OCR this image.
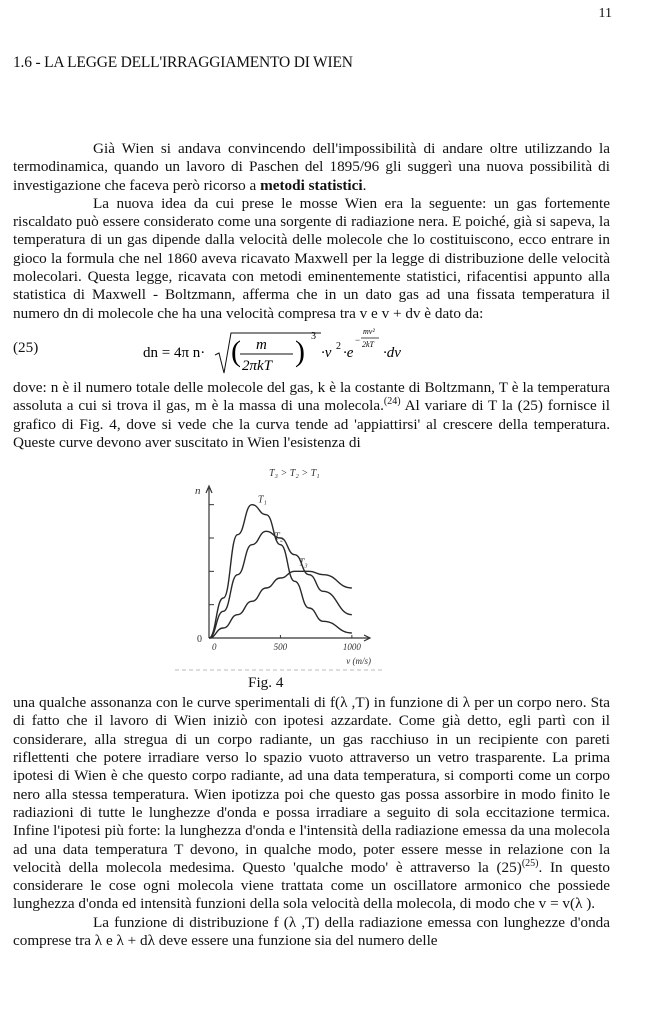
11
1.6 - LA LEGGE DELL'IRRAGGIAMENTO DI WIEN

Già Wien si andava convincendo dell'impossibilità di andare oltre utilizzando la termodinamica, quando un lavoro di Paschen del 1895/96 gli suggerì una nuova possibilità di investigazione che faceva però ricorso a metodi statistici.

La nuova idea da cui prese le mosse Wien era la seguente: un gas fortemente riscaldato può essere considerato come una sorgente di radiazione nera. E poiché, già si sapeva, la temperatura di un gas dipende dalla velocità delle molecole che lo costituiscono, ecco entrare in gioco la formula che nel 1860 aveva ricavato Maxwell per la legge di distribuzione delle velocità molecolari. Questa legge, ricavata con metodi eminentemente statistici, rifacentisi appunto alla statistica di Maxwell - Boltzmann, afferma che in un dato gas ad una fissata temperatura il numero dn di molecole che ha una velocità compresa tra v e v + dv è dato da:

(25)	dn = 4π n· ( m
2πkT ) 3
·v 2 ·e
−
mv²
2kT
·dv

dove: n è il numero totale delle molecole del gas, k è la costante di Boltzmann, T è la temperatura assoluta a cui si trova il gas, m è la massa di una molecola.$^{(24)}$ Al variare di T la (25) fornisce il grafico di Fig. 4, dove si vede che la curva tende ad 'appiattirsi' al crescere della temperatura. Queste curve devono aver suscitato in Wien l'esistenza di

0
0	500	1000
n
v (m/s)
T₃ > T₂ > T₁
T₁
T₂
T₃
Fig. 4

una qualche assonanza con le curve sperimentali di f(λ ,T) in funzione di λ per un corpo nero. Sta di fatto che il lavoro di Wien iniziò con ipotesi azzardate. Come già detto, egli partì con il considerare, alla stregua di un corpo radiante, un gas racchiuso in un recipiente con pareti riflettenti che potere irradiare verso lo spazio vuoto attraverso un vetro trasparente. La prima ipotesi di Wien è che questo corpo radiante, ad una data temperatura, si comporti come un corpo nero alla stessa temperatura. Wien ipotizza poi che questo gas possa assorbire in modo finito le radiazioni di tutte le lunghezze d'onda e possa irradiare a seguito di sola eccitazione termica. Infine l'ipotesi più forte: la lunghezza d'onda e l'intensità della radiazione emessa da una molecola ad una data temperatura T devono, in qualche modo, poter essere messe in relazione con la velocità della molecola medesima. Questo 'qualche modo' è attraverso la $(25)^{(25)}$. In questo considerare le cose ogni molecola viene trattata come un oscillatore armonico che possiede lunghezza d'onda ed intensità funzioni della sola velocità della molecola, di modo che v = v(λ ).

La funzione di distribuzione f (λ ,T) della radiazione emessa con lunghezze d'onda comprese tra λ e λ + dλ deve essere una funzione sia del numero delle
